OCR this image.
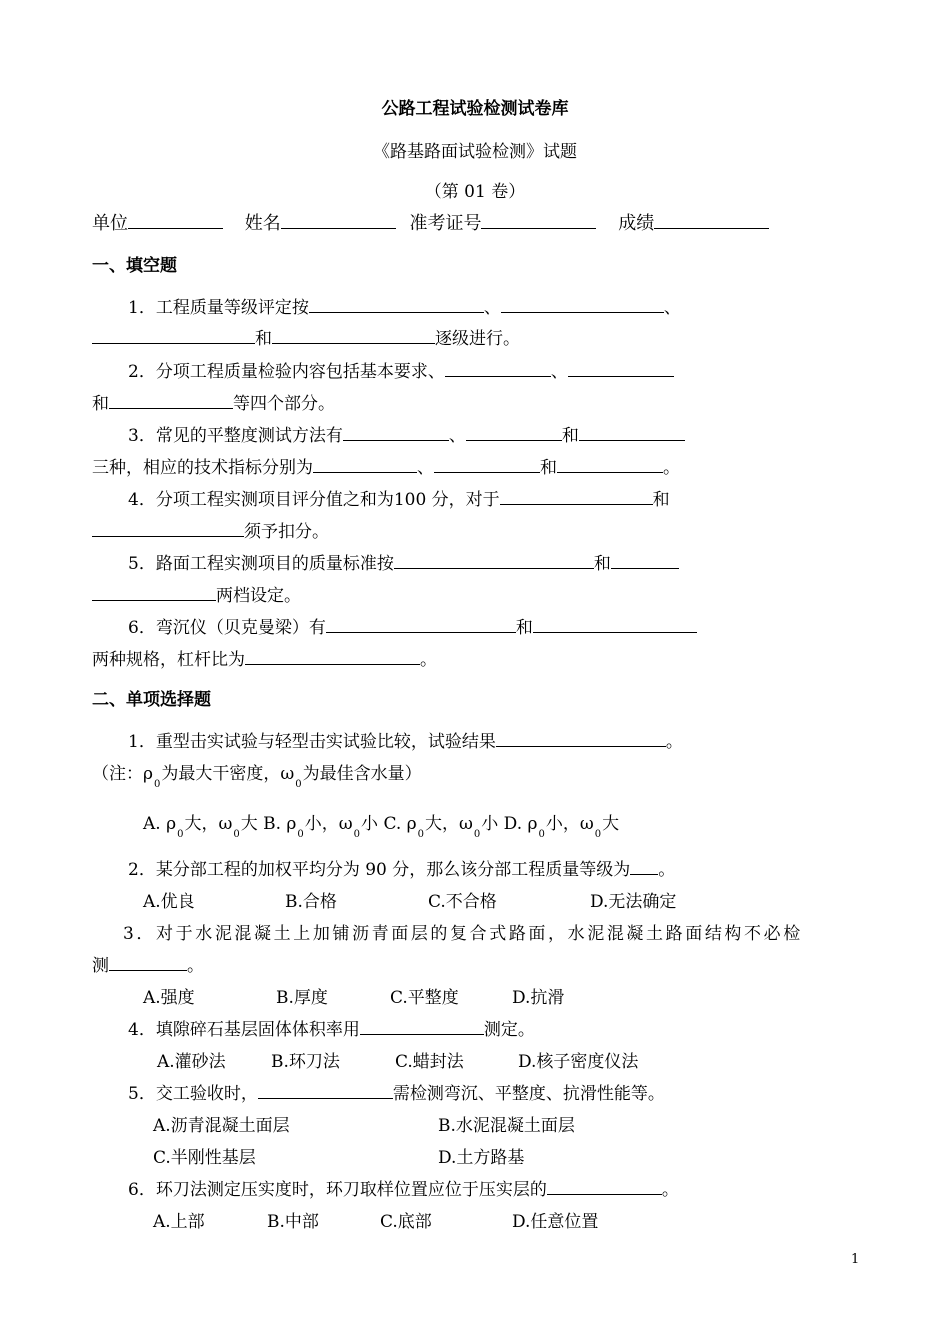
公路工程试验检测试卷库
《路基路面试验检测》试题
（第 01 卷）
单位	姓名	准考证号	成绩
一、填空题
1．工程质量等级评定按	、	、
和	逐级进行。
2．分项工程质量检验内容包括基本要求、	、
和	等四个部分。
3．常见的平整度测试方法有	、	和
三种，相应的技术指标分别为	、	和	。
4．分项工程实测项目评分值之和为100 分，对于	和
须予扣分。
5．路面工程实测项目的质量标准按	和
两档设定。
6．弯沉仪（贝克曼梁）有	和
两种规格，杠杆比为	。
二、单项选择题
1．重型击实试验与轻型击实试验比较，试验结果	。
（注：$\rho_0$为最大干密度，$\omega_0$为最佳含水量）
A. $\rho_0$大，$\omega_0$大 B. $\rho_0$小，$\omega_0$小 C. $\rho_0$大，$\omega_0$小 D. $\rho_0$小，$\omega_0$大
2．某分部工程的加权平均分为 90 分，那么该分部工程质量等级为 。
A.优良	B.合格	C.不合格	D.无法确定
3．对于水泥混凝土上加铺沥青面层的复合式路面，水泥混凝土路面结构不必检
测	。
A.强度	B.厚度	C.平整度	D.抗滑
4．填隙碎石基层固体体积率用	测定。
A.灌砂法	B.环刀法	C.蜡封法	D.核子密度仪法
5．交工验收时，	需检测弯沉、平整度、抗滑性能等。
A.沥青混凝土面层	B.水泥混凝土面层
C.半刚性基层	D.土方路基
6．环刀法测定压实度时，环刀取样位置应位于压实层的	。
A.上部	B.中部	C.底部	D.任意位置
1
